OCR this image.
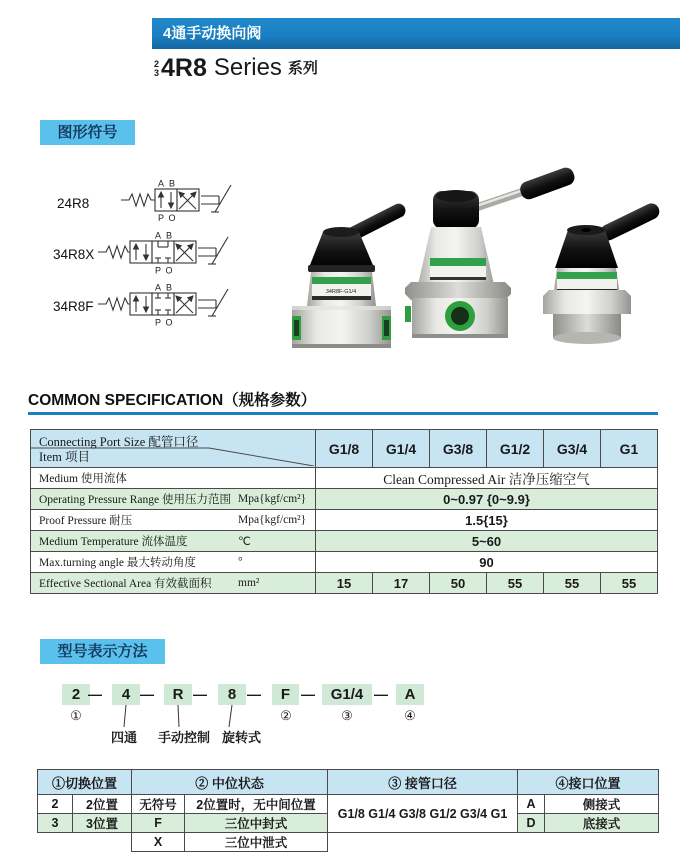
4通手动换向阀
2
3 4R8 Series 系列
图形符号
24R8
A B
P O
34R8X
A B
P O
34R8F
A B
P O
34R8F-G1/4
COMMON SPECIFICATION（规格参数）
Connecting Port Size 配管口径
Item 项目	G1/8	G1/4	G3/8	G1/2	G3/4	G1
Medium 使用流体	Clean Compressed Air 洁净压缩空气					
Operating Pressure Range 使用压力范围 Mpa{kgf/cm²}	0~0.97 {0~9.9}					
Proof Pressure 耐压 Mpa{kgf/cm²}	1.5{15}					
Medium Temperature 流体温度 ℃	5~60					
Max.turning angle 最大转动角度 °	90					
Effective Sectional Area 有效截面积 mm²	15	17	50	55	55	55
型号表示方法
2 —	4 —	R —	8 —	F —	G1/4 —	A
①	②	③	④
四通 手动控制 旋转式
①切换位置		② 中位状态		③ 接管口径	④接口位置	
2	2位置	无符号	2位置时，无中间位置	G1/8 G1/4 G3/8 G1/2 G3/4 G1	A	侧接式
3	3位置	F	三位中封式		D	底接式
		X	三位中泄式			
